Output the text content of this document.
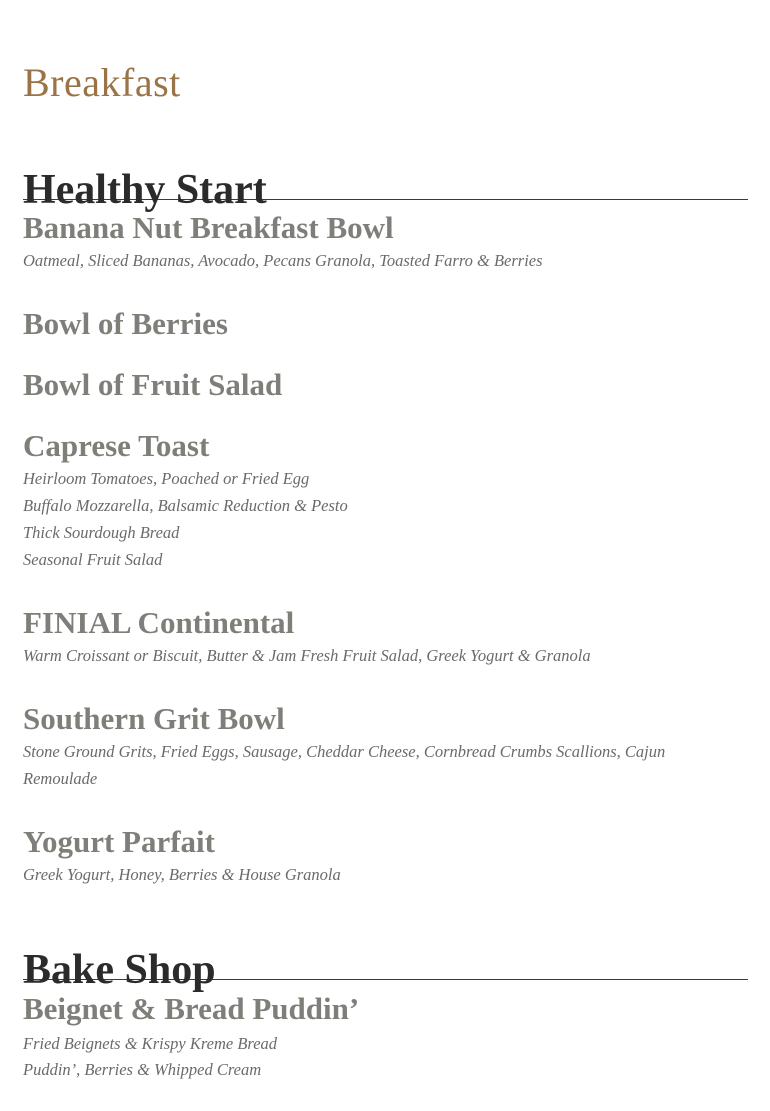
Breakfast
Healthy Start
Banana Nut Breakfast Bowl

Oatmeal, Sliced Bananas, Avocado, Pecans Granola, Toasted Farro & Berries

Bowl of Berries
Bowl of Fruit Salad
Caprese Toast

Heirloom Tomatoes, Poached or Fried Egg

Buffalo Mozzarella, Balsamic Reduction & Pesto

Thick Sourdough Bread

Seasonal Fruit Salad

FINIAL Continental

Warm Croissant or Biscuit, Butter & Jam Fresh Fruit Salad, Greek Yogurt & Granola

Southern Grit Bowl

Stone Ground Grits, Fried Eggs, Sausage, Cheddar Cheese, Cornbread Crumbs Scallions, Cajun

Remoulade

Yogurt Parfait

Greek Yogurt, Honey, Berries & House Granola

Bake Shop
Beignet & Bread Puddin’

Fried Beignets & Krispy Kreme Bread

Puddin’, Berries & Whipped Cream
